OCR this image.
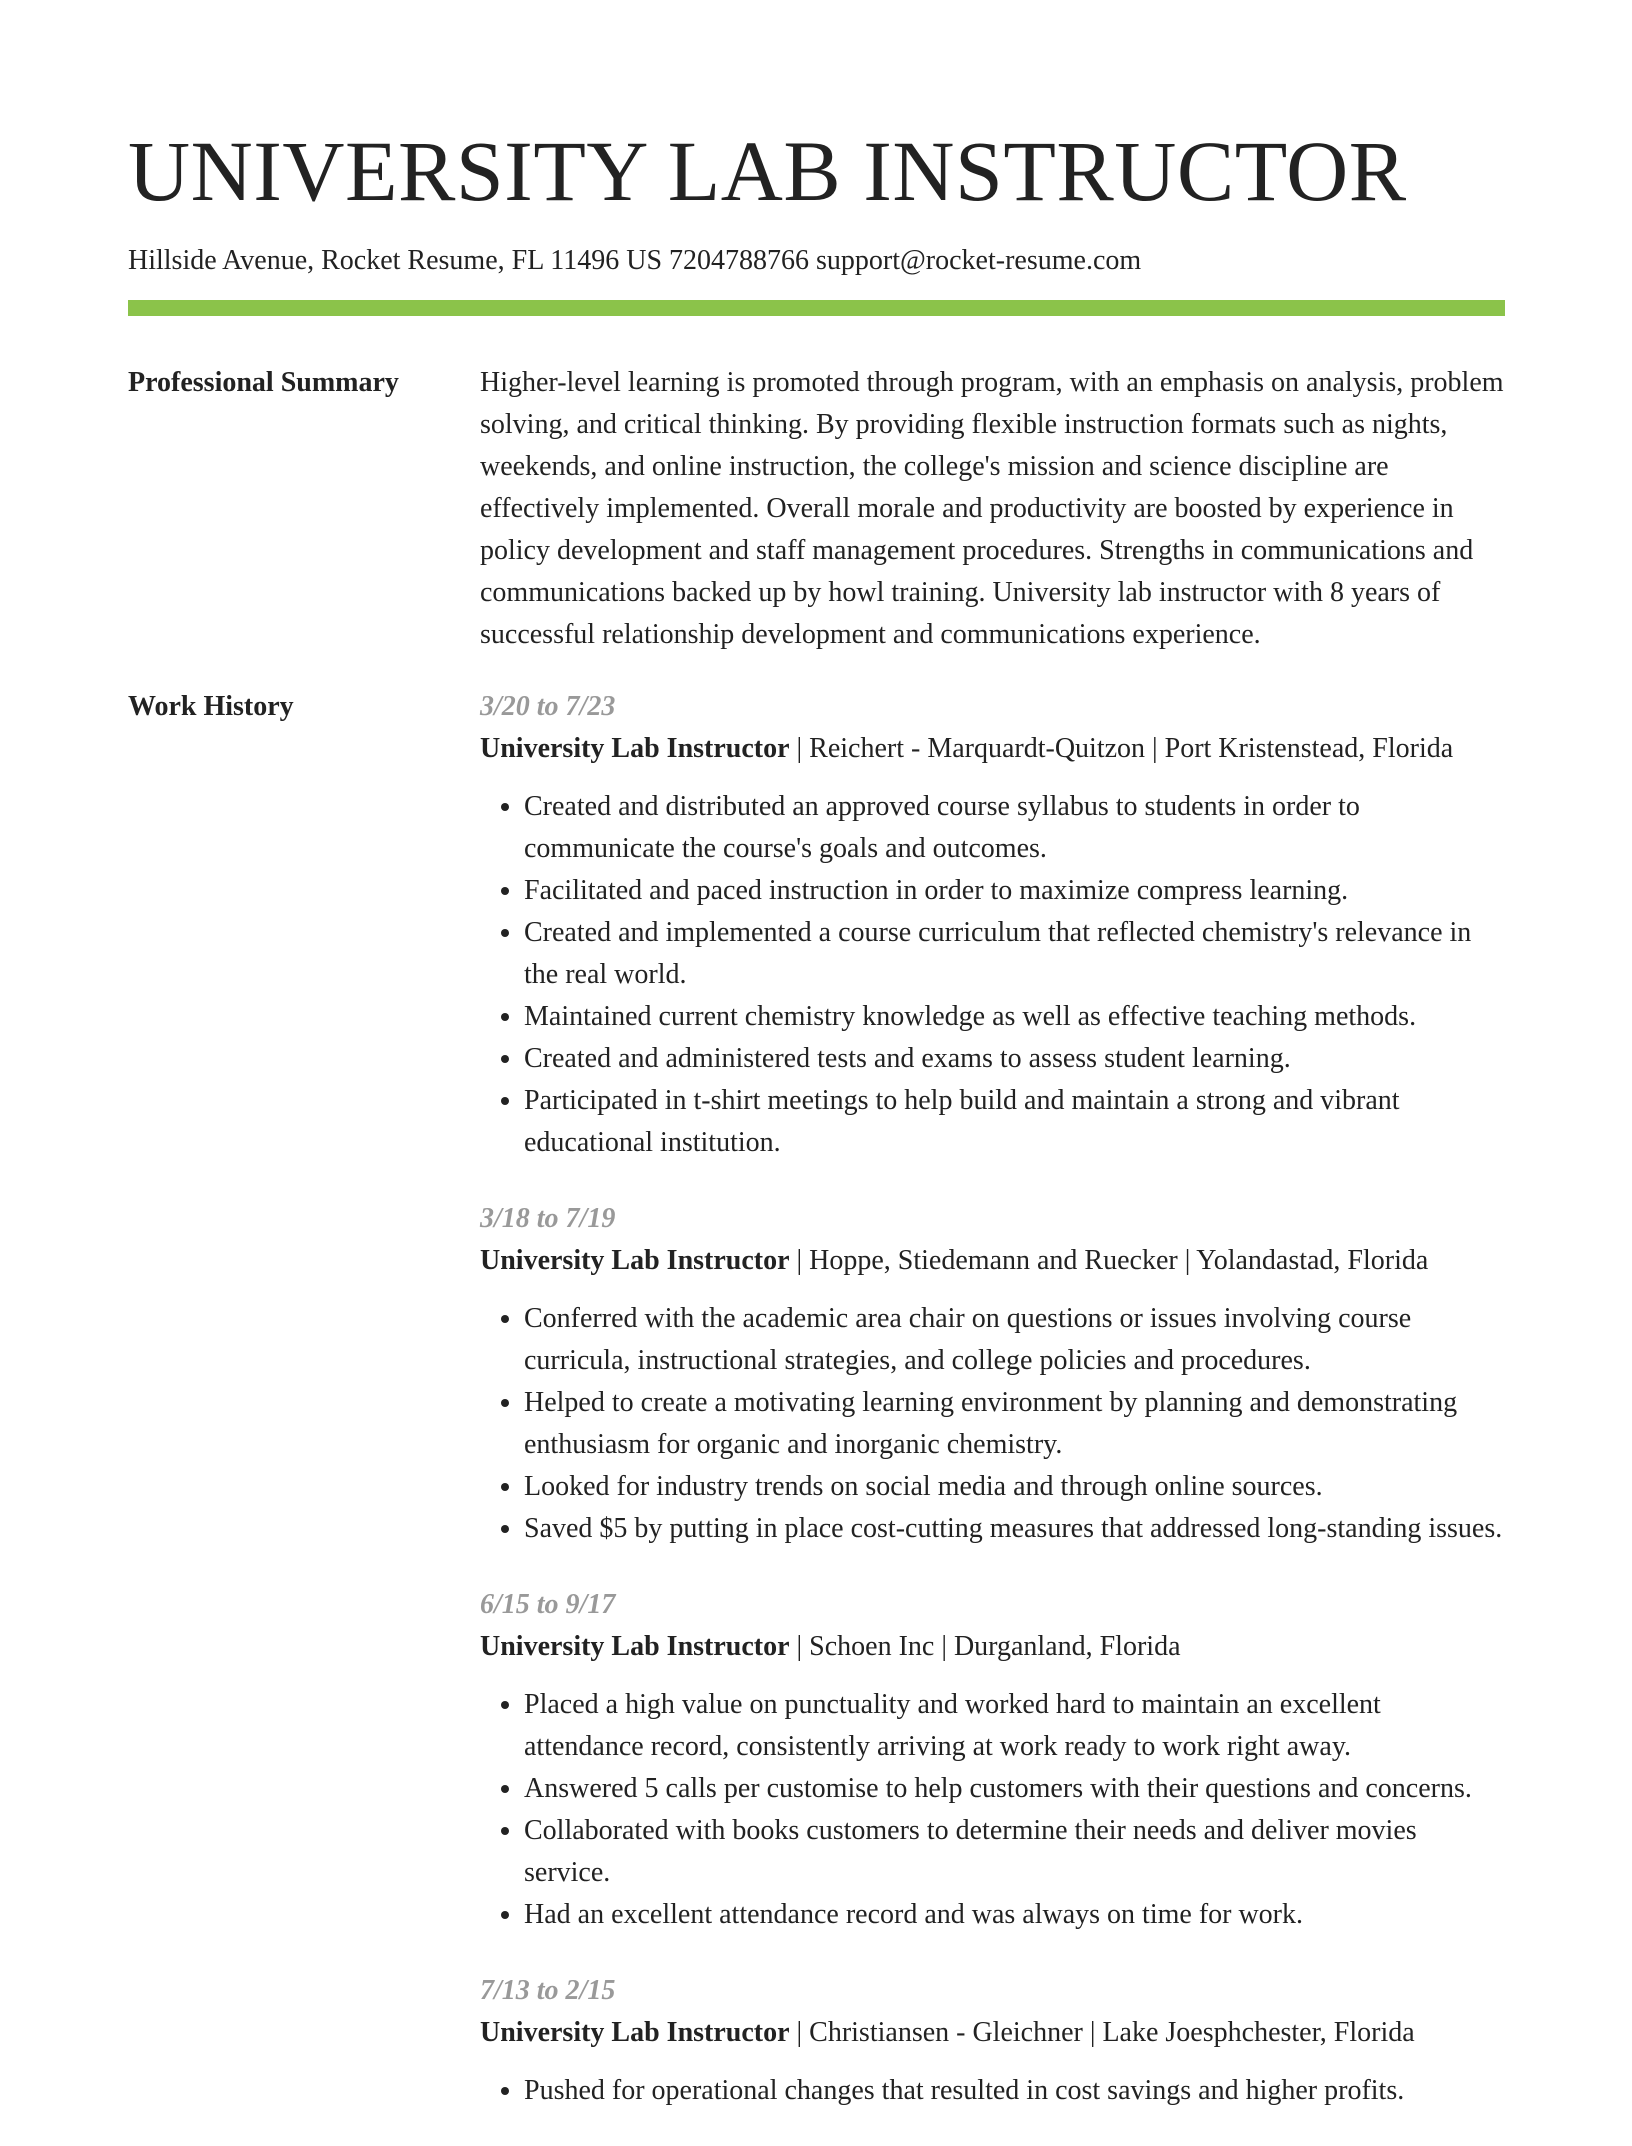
UNIVERSITY LAB INSTRUCTOR
Hillside Avenue, Rocket Resume, FL 11496 US 7204788766 support@rocket-resume.com
Professional Summary	Higher-level learning is promoted through program, with an emphasis on analysis, problem solving, and critical thinking. By providing flexible instruction formats such as nights, weekends, and online instruction, the college's mission and science discipline are effectively implemented. Overall morale and productivity are boosted by experience in policy development and staff management procedures. Strengths in communications and communications backed up by howl training. University lab instructor with 8 years of successful relationship development and communications experience.

Work History	3/20 to 7/23
University Lab Instructor | Reichert - Marquardt-Quitzon | Port Kristenstead, Florida
• Created and distributed an approved course syllabus to students in order to communicate the course's goals and outcomes.
• Facilitated and paced instruction in order to maximize compress learning.
• Created and implemented a course curriculum that reflected chemistry's relevance in the real world.
• Maintained current chemistry knowledge as well as effective teaching methods.
• Created and administered tests and exams to assess student learning.
• Participated in t-shirt meetings to help build and maintain a strong and vibrant educational institution.
3/18 to 7/19
University Lab Instructor | Hoppe, Stiedemann and Ruecker | Yolandastad, Florida
• Conferred with the academic area chair on questions or issues involving course curricula, instructional strategies, and college policies and procedures.
• Helped to create a motivating learning environment by planning and demonstrating enthusiasm for organic and inorganic chemistry.
• Looked for industry trends on social media and through online sources.
• Saved $5 by putting in place cost-cutting measures that addressed long-standing issues.
6/15 to 9/17
University Lab Instructor | Schoen Inc | Durganland, Florida
• Placed a high value on punctuality and worked hard to maintain an excellent attendance record, consistently arriving at work ready to work right away.
• Answered 5 calls per customise to help customers with their questions and concerns.
• Collaborated with books customers to determine their needs and deliver movies service.
• Had an excellent attendance record and was always on time for work.
7/13 to 2/15
University Lab Instructor | Christiansen - Gleichner | Lake Joesphchester, Florida
• Pushed for operational changes that resulted in cost savings and higher profits.
